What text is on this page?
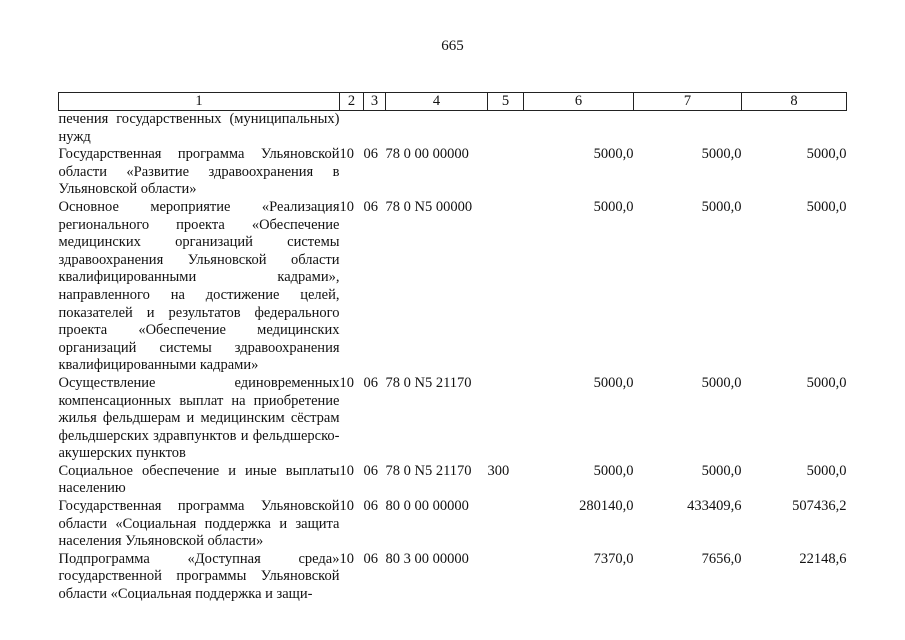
665
1	2	3	4	5	6	7	8
печения государственных (муниципальных) нужд							
Государственная программа Ульяновской области «Развитие здравоохранения в Ульяновской области»	10	06	78 0 00 00000		5000,0	5000,0	5000,0
Основное мероприятие «Реализация регионального проекта «Обеспечение медицинских организаций системы здравоохранения Ульяновской области квалифицированными кадрами», направленного на достижение целей, показателей и результатов федерального проекта «Обеспечение медицинских организаций системы здравоохранения квалифицированными кадрами»	10	06	78 0 N5 00000		5000,0	5000,0	5000,0
Осуществление единовременных компенсационных выплат на приобретение жилья фельдшерам и медицинским сёстрам фельдшерских здравпунктов и фельдшерско-акушерских пунктов	10	06	78 0 N5 21170		5000,0	5000,0	5000,0
Социальное обеспечение и иные выплаты населению	10	06	78 0 N5 21170	300	5000,0	5000,0	5000,0
Государственная программа Ульяновской области «Социальная поддержка и защита населения Ульяновской области»	10	06	80 0 00 00000		280140,0	433409,6	507436,2
Подпрограмма «Доступная среда» государственной программы Ульяновской области «Социальная поддержка и защи-	10	06	80 3 00 00000		7370,0	7656,0	22148,6
